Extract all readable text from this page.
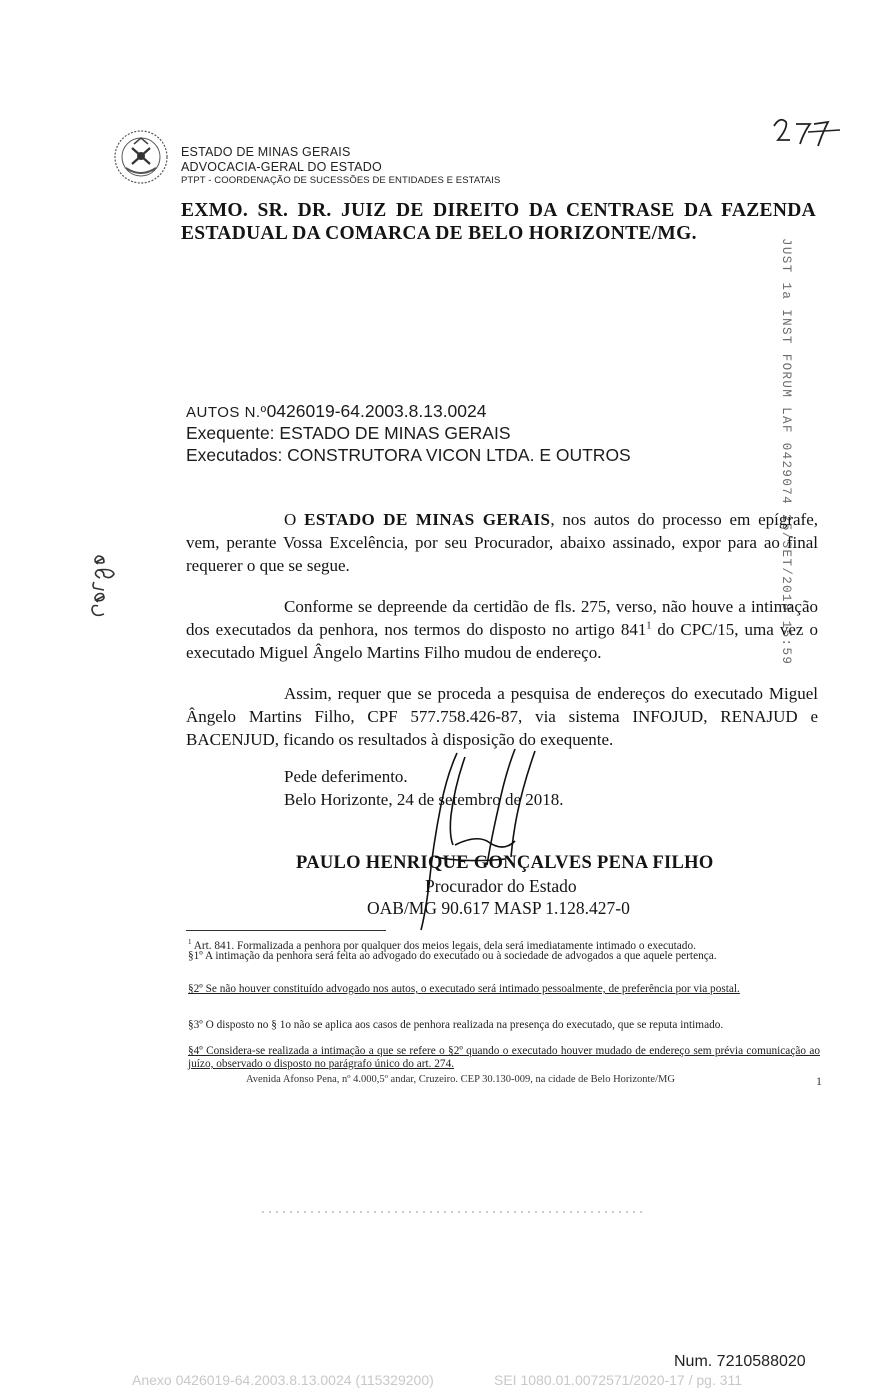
ESTADO DE MINAS GERAIS
ADVOCACIA-GERAL DO ESTADO
PTPT - COORDENAÇÃO DE SUCESSÕES DE ENTIDADES E ESTATAIS
EXMO. SR. DR. JUIZ DE DIREITO DA CENTRASE DA FAZENDA
ESTADUAL DA COMARCA DE BELO HORIZONTE/MG.
JUST 1a INST FORUM LAF 0429074 25/SET/2018 15:59
AUTOS N.º0426019-64.2003.8.13.0024
Exequente: ESTADO DE MINAS GERAIS
Executados: CONSTRUTORA VICON LTDA. E OUTROS
O ESTADO DE MINAS GERAIS, nos autos do processo em epígrafe, vem, perante Vossa Excelência, por seu Procurador, abaixo assinado, expor para ao final requerer o que se segue.
Conforme se depreende da certidão de fls. 275, verso, não houve a intimação dos executados da penhora, nos termos do disposto no artigo $841^1$ do CPC/15, uma vez o executado Miguel Ângelo Martins Filho mudou de endereço.
Assim, requer que se proceda a pesquisa de endereços do executado Miguel Ângelo Martins Filho, CPF 577.758.426-87, via sistema INFOJUD, RENAJUD e BACENJUD, ficando os resultados à disposição do exequente.
Pede deferimento.
Belo Horizonte, 24 de setembro de 2018.
PAULO HENRIQUE GONÇALVES PENA FILHO
Procurador do Estado
OAB/MG 90.617 MASP 1.128.427-0
$^1$ Art. 841. Formalizada a penhora por qualquer dos meios legais, dela será imediatamente intimado o executado.
§1º A intimação da penhora será feita ao advogado do executado ou à sociedade de advogados a que aquele pertença.
§2º Se não houver constituído advogado nos autos, o executado será intimado pessoalmente, de preferência por via postal.
§3º O disposto no § 1o não se aplica aos casos de penhora realizada na presença do executado, que se reputa intimado.
§4º Considera-se realizada a intimação a que se refere o §2º quando o executado houver mudado de endereço sem prévia comunicação ao juízo, observado o disposto no parágrafo único do art. 274.
Avenida Afonso Pena, nº 4.000,5º andar, Cruzeiro. CEP 30.130-009, na cidade de Belo Horizonte/MG	1
Num. 7210588020
Anexo 0426019-64.2003.8.13.0024 (115329200)	SEI 1080.01.0072571/2020-17 / pg. 311
